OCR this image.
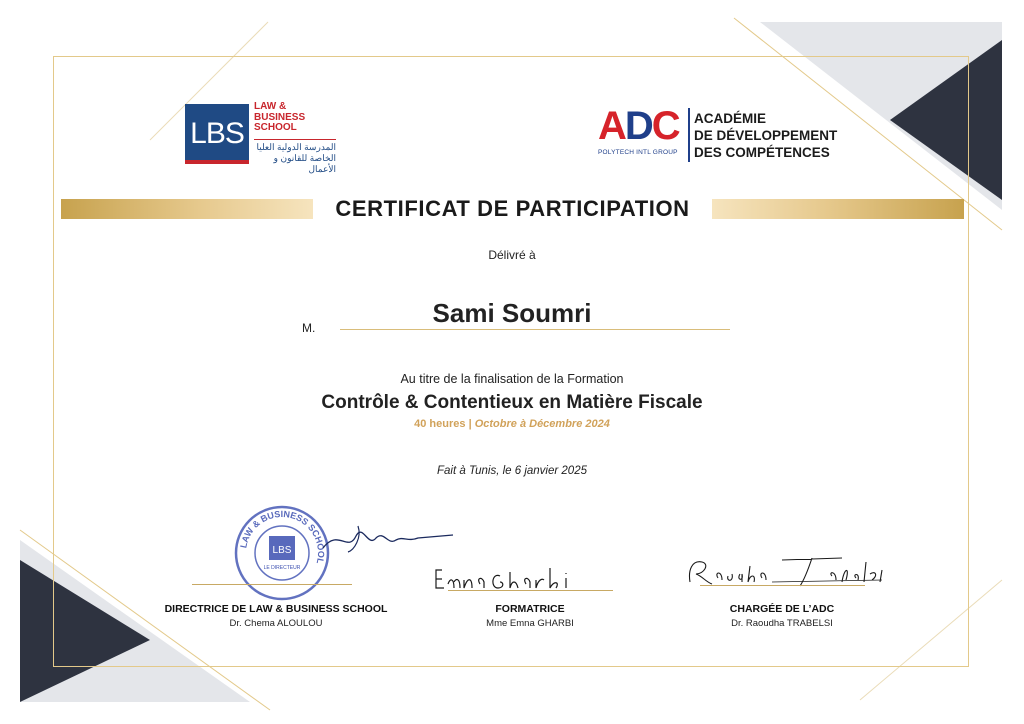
LBS
LAW &
BUSINESS
SCHOOL
المدرسة الدولية العليا
الخاصة للقانون و الأعمال
ADC
POLYTECH INTL GROUP
ACADÉMIE
DE DÉVELOPPEMENT
DES COMPÉTENCES
CERTIFICAT DE PARTICIPATION
Délivré à
M.	Sami Soumri
Au titre de la finalisation de la Formation
Contrôle & Contentieux en Matière Fiscale
40 heures | Octobre à Décembre 2024
Fait à Tunis, le 6 janvier 2025
LAW & BUSINESS SCHOOL
LBS
LE DIRECTEUR
DIRECTRICE DE LAW & BUSINESS SCHOOL
Dr. Chema ALOULOU
FORMATRICE
Mme Emna GHARBI
CHARGÉE DE L’ADC
Dr. Raoudha TRABELSI
